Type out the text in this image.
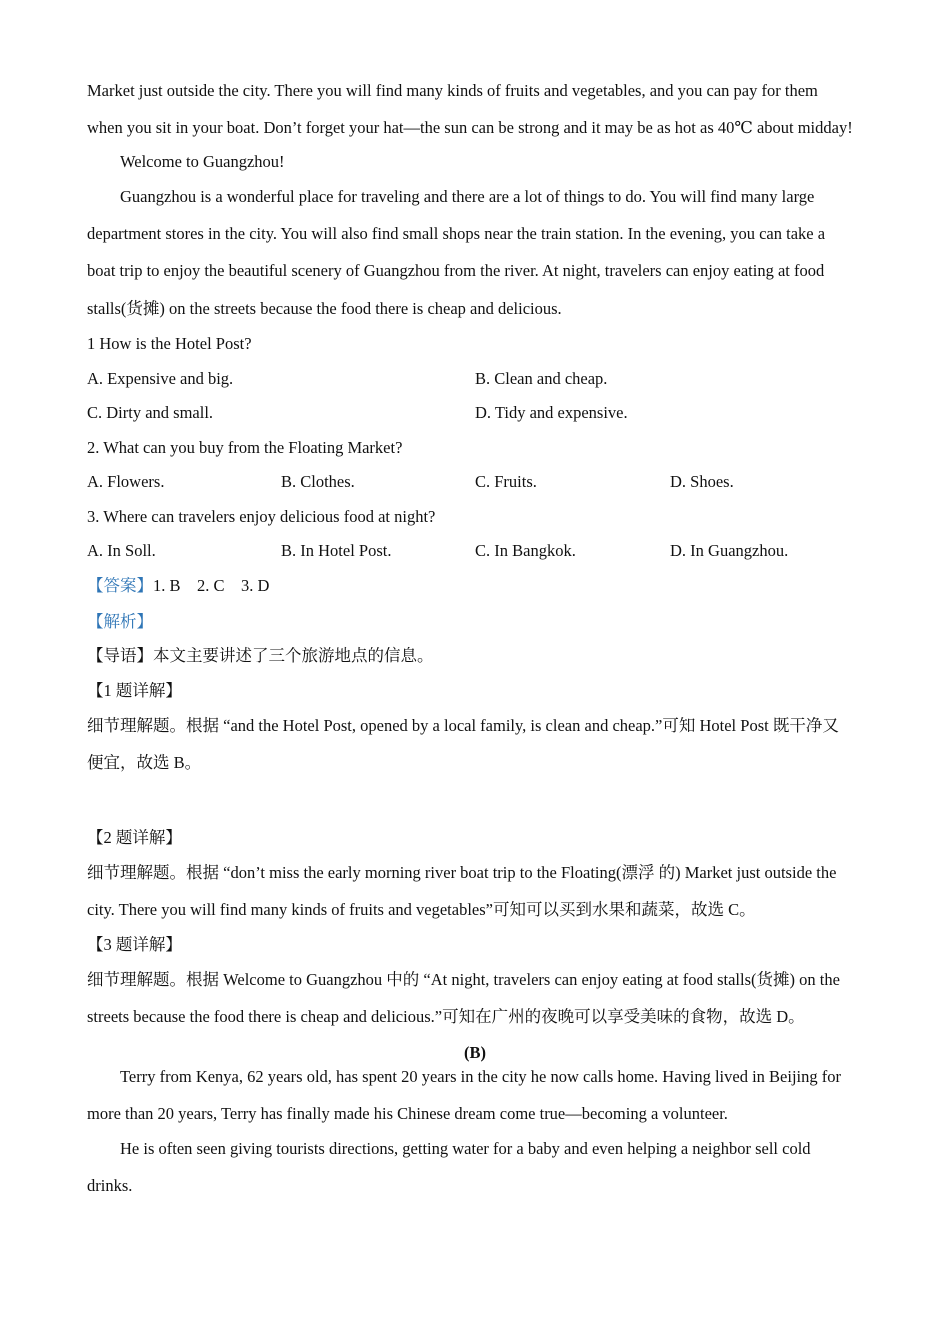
Market just outside the city. There you will find many kinds of fruits and vegetables, and you can pay for them
when you sit in your boat. Don’t forget your hat—the sun can be strong and it may be as hot as 40℃ about midday!
Welcome to Guangzhou!
Guangzhou is a wonderful place for traveling and there are a lot of things to do. You will find many large
department stores in the city. You will also find small shops near the train station. In the evening, you can take a
boat trip to enjoy the beautiful scenery of Guangzhou from the river. At night, travelers can enjoy eating at food
stalls(货摊) on the streets because the food there is cheap and delicious.
1 How is the Hotel Post?
A. Expensive and big.	B. Clean and cheap.
C. Dirty and small.	D. Tidy and expensive.
2. What can you buy from the Floating Market?
A. Flowers.	B. Clothes.	C. Fruits.	D. Shoes.
3. Where can travelers enjoy delicious food at night?
A. In Soll.	B. In Hotel Post.	C. In Bangkok.	D. In Guangzhou.
【答案】1. B    2. C    3. D
【解析】
【导语】本文主要讲述了三个旅游地点的信息。
【1 题详解】
细节理解题。根据 “and the Hotel Post, opened by a local family, is clean and cheap.”可知 Hotel Post 既干净又
便宜，故选 B。
【2 题详解】
细节理解题。根据 “don’t miss the early morning river boat trip to the Floating(漂浮 的) Market just outside the
city. There you will find many kinds of fruits and vegetables”可知可以买到水果和蔬菜，故选 C。
【3 题详解】
细节理解题。根据 Welcome to Guangzhou 中的 “At night, travelers can enjoy eating at food stalls(货摊) on the
streets because the food there is cheap and delicious.”可知在广州的夜晚可以享受美味的食物，故选 D。
(B)
Terry from Kenya, 62 years old, has spent 20 years in the city he now calls home. Having lived in Beijing for
more than 20 years, Terry has finally made his Chinese dream come true—becoming a volunteer.
He is often seen giving tourists directions, getting water for a baby and even helping a neighbor sell cold
drinks.
